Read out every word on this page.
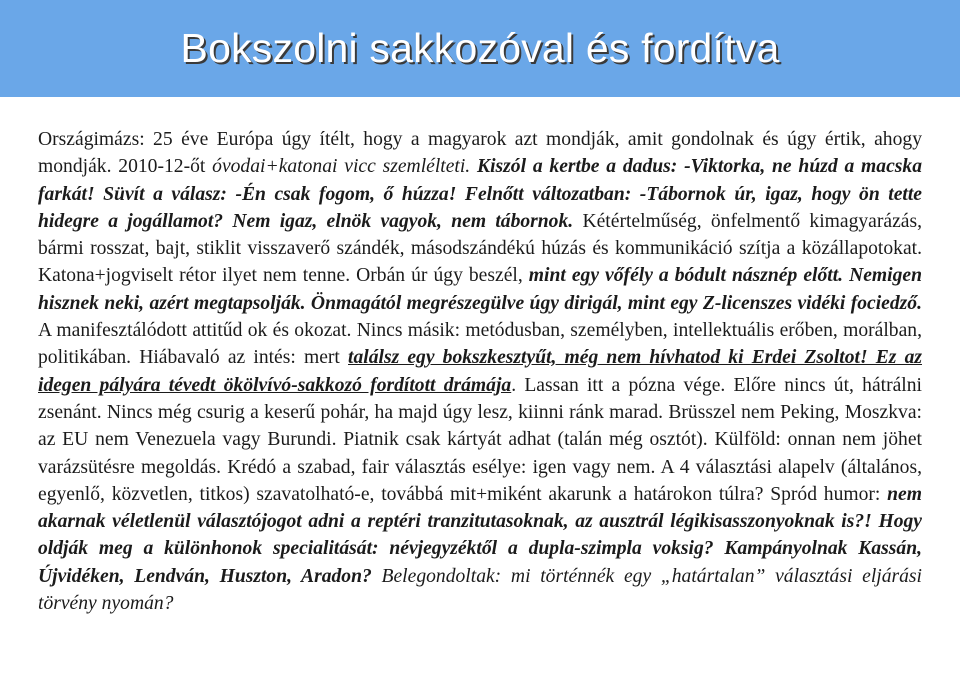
Bokszolni sakkozóval és fordítva
Országimázs: 25 éve Európa úgy ítélt, hogy a magyarok azt mondják, amit gondolnak és úgy értik, ahogy mondják. 2010-12-őt óvodai+katonai vicc szemlélteti. Kiszól a kertbe a dadus: -Viktorka, ne húzd a macska farkát! Süvít a válasz: -Én csak fogom, ő húzza! Felnőtt változatban: -Tábornok úr, igaz, hogy ön tette hidegre a jogállamot? Nem igaz, elnök vagyok, nem tábornok. Kétértelműség, önfelmentő kimagyarázás, bármi rosszat, bajt, stiklit visszaverő szándék, másodszándékú húzás és kommunikáció szítja a közállapotokat. Katona+jogviselt rétor ilyet nem tenne. Orbán úr úgy beszél, mint egy vőfély a bódult násznép előtt. Nemigen hisznek neki, azért megtapsolják. Önmagától megrészegülve úgy dirigál, mint egy Z-licenszes vidéki fociedző. A manifesztálódott attitűd ok és okozat. Nincs másik: metódusban, személyben, intellektuális erőben, morálban, politikában. Hiábavaló az intés: mert találsz egy bokszkesztyűt, még nem hívhatod ki Erdei Zsoltot! Ez az idegen pályára tévedt ökölvívó-sakkozó fordított drámája. Lassan itt a pózna vége. Előre nincs út, hátrálni zsenánt. Nincs még csurig a keserű pohár, ha majd úgy lesz, kiinni ránk marad. Brüsszel nem Peking, Moszkva: az EU nem Venezuela vagy Burundi. Piatnik csak kártyát adhat (talán még osztót). Külföld: onnan nem jöhet varázsütésre megoldás. Krédó a szabad, fair választás esélye: igen vagy nem. A 4 választási alapelv (általános, egyenlő, közvetlen, titkos) szavatolható-e, továbbá mit+miként akarunk a határokon túlra? Spród humor: nem akarnak véletlenül választójogot adni a reptéri tranzitutasoknak, az ausztrál légikisasszonyoknak is?! Hogy oldják meg a különhonok specialitását: névjegyzéktől a dupla-szimpla voksig? Kampányolnak Kassán, Újvidéken, Lendván, Huszton, Aradon? Belegondoltak: mi történnék egy „határtalan” választási eljárási törvény nyomán?
